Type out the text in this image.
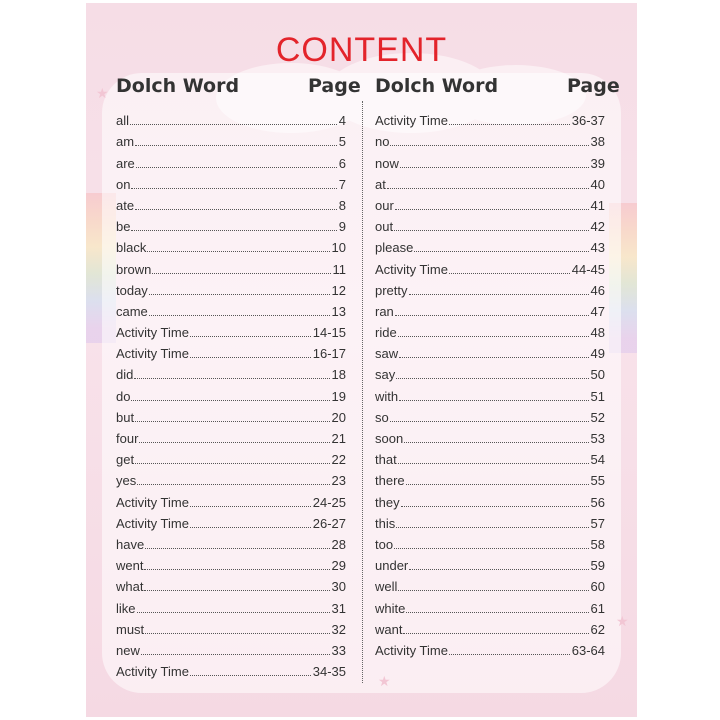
★
★
★
CONTENT
Dolch Word	Page Dolch Word	Page
all	4
am	5
are	6
on	7
ate	8
be	9
black	10
brown	11
today	12
came	13
Activity Time	14-15
Activity Time	16-17
did	18
do	19
but	20
four	21
get	22
yes	23
Activity Time	24-25
Activity Time	26-27
have	28
went	29
what	30
like	31
must	32
new	33
Activity Time	34-35
Activity Time	36-37
no	38
now	39
at	40
our	41
out	42
please	43
Activity Time	44-45
pretty	46
ran	47
ride	48
saw	49
say	50
with	51
so	52
soon	53
that	54
there	55
they	56
this	57
too	58
under	59
well	60
white	61
want	62
Activity Time	63-64
